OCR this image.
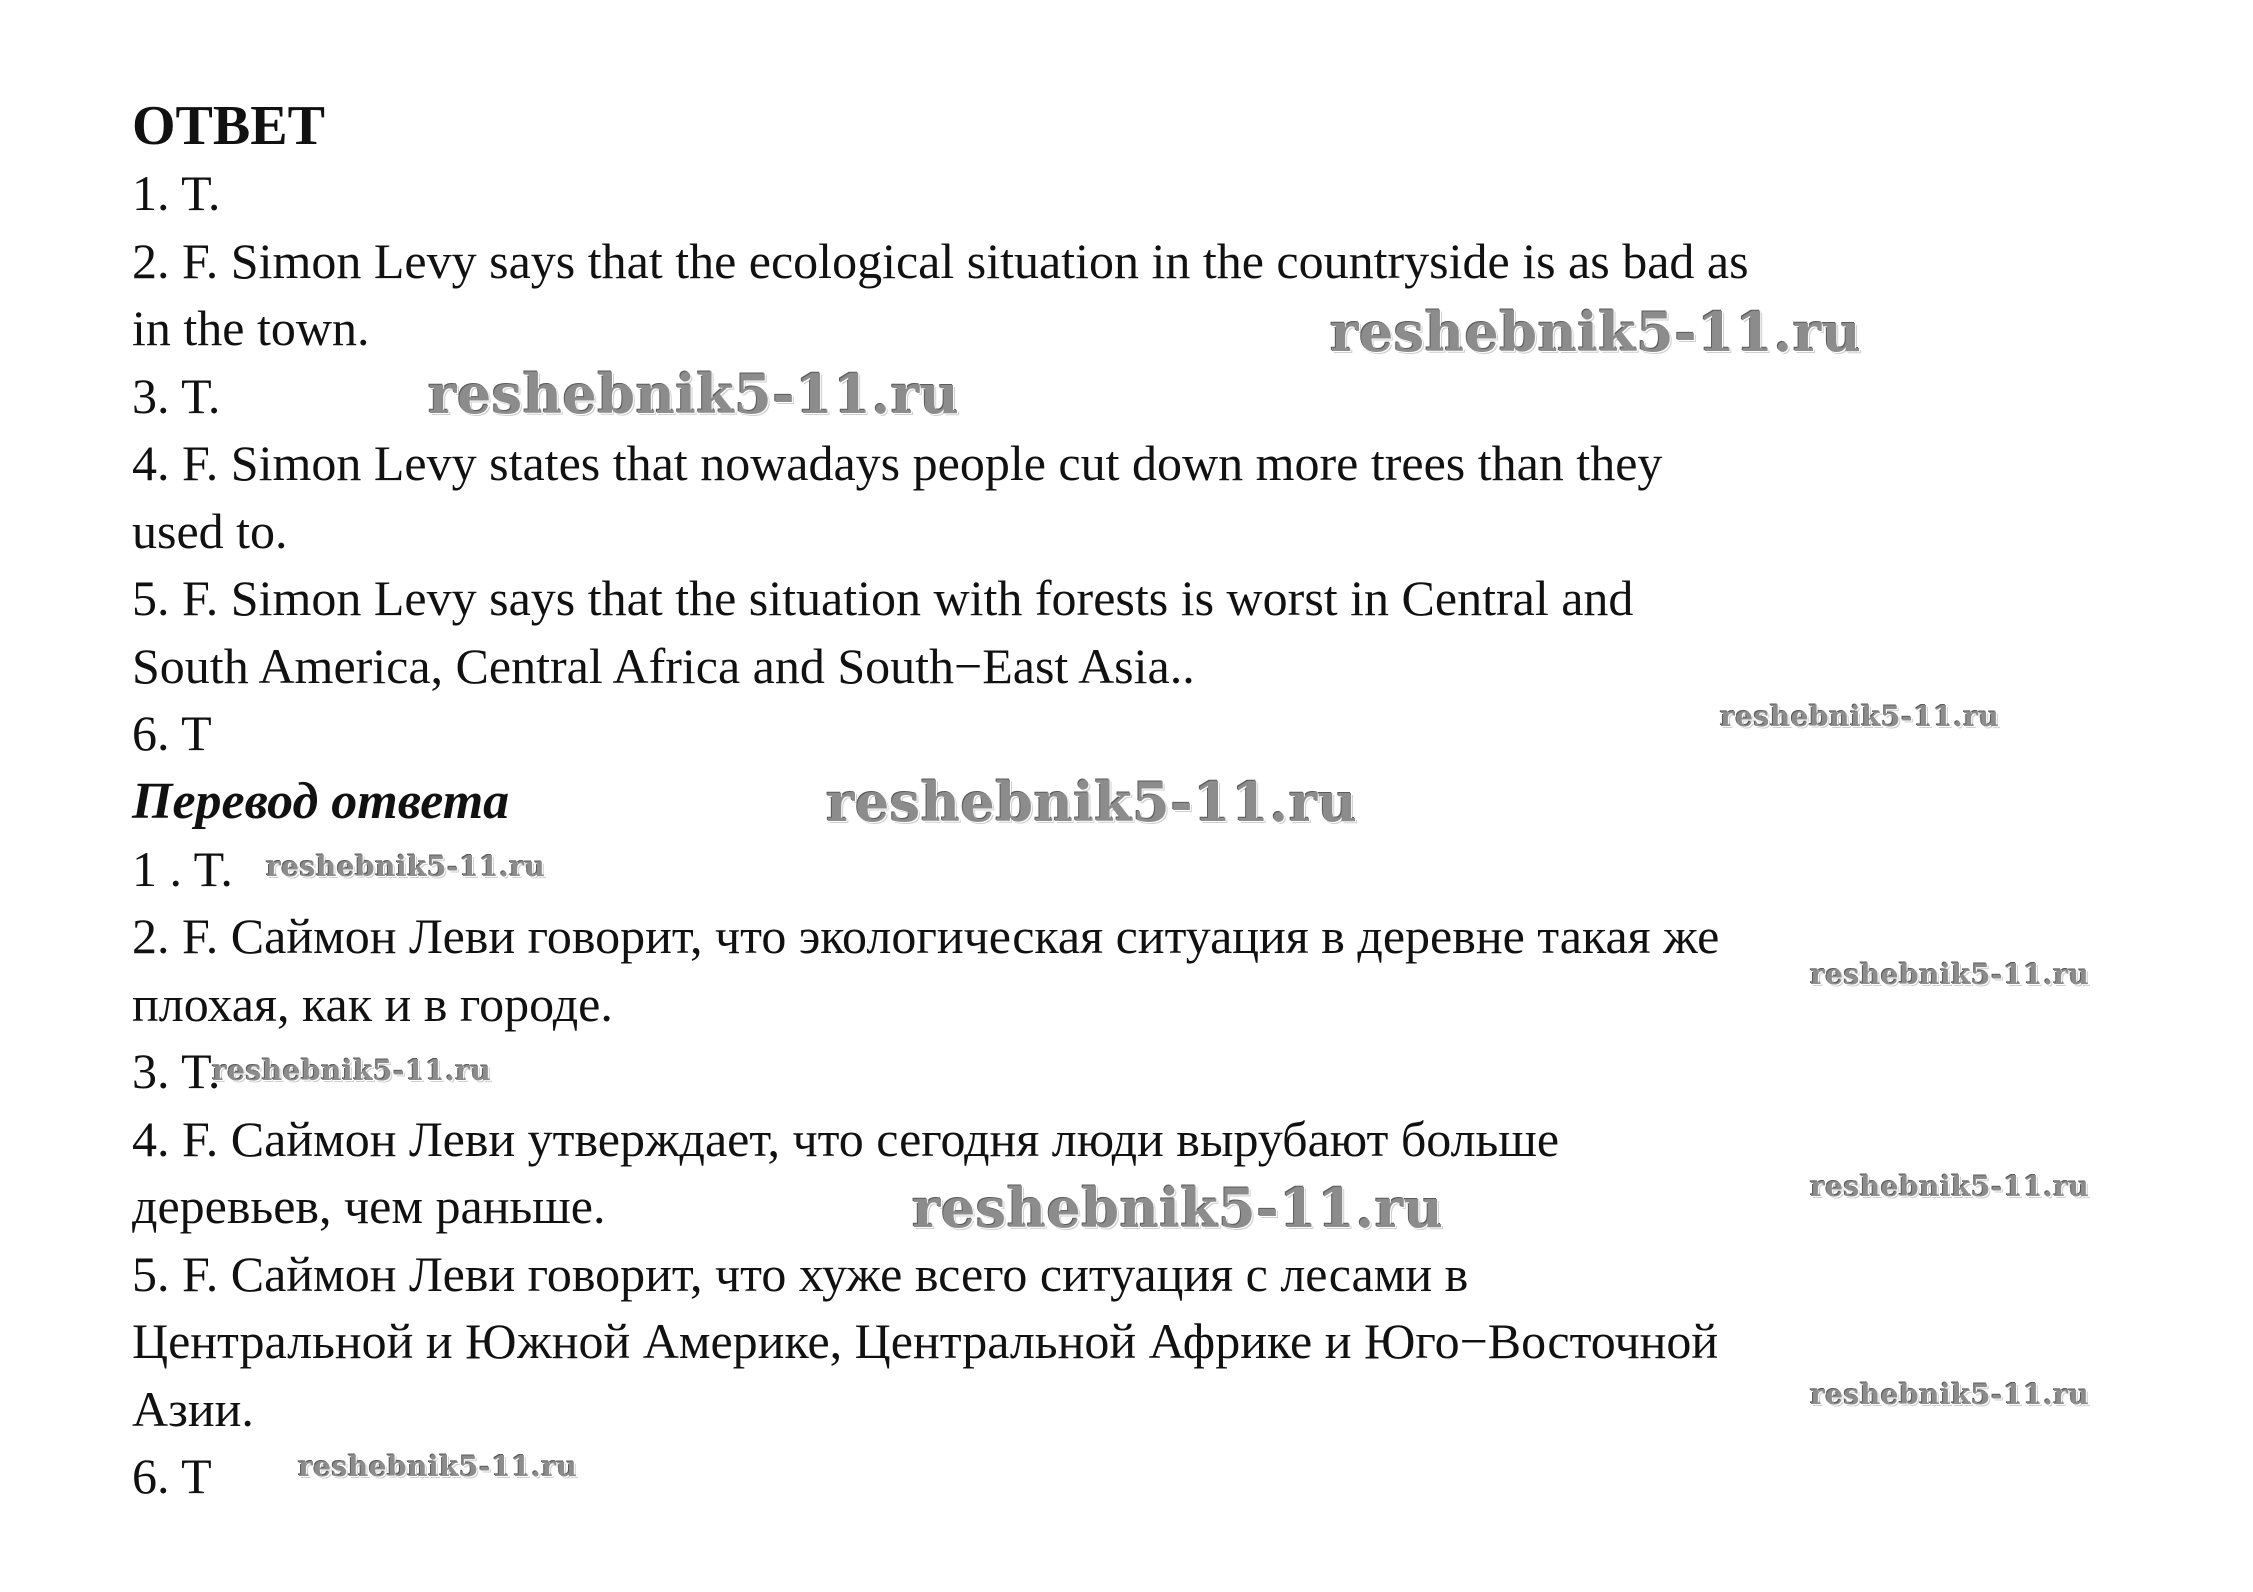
ОТВЕТ
1. T.
2. F. Simon Levy says that the ecological situation in the countryside is as bad as
in the town.
3. T.
4. F. Simon Levy states that nowadays people cut down more trees than they
used to.
5. F. Simon Levy says that the situation with forests is worst in Central and
South America, Central Africa and South−East Asia..
6. T
Перевод ответа
1 . T.
2. F. Саймон Леви говорит, что экологическая ситуация в деревне такая же
плохая, как и в городе.
3. T.
4. F. Саймон Леви утверждает, что сегодня люди вырубают больше
деревьев, чем раньше.
5. F. Саймон Леви говорит, что хуже всего ситуация с лесами в
Центральной и Южной Америке, Центральной Африке и Юго−Восточной
Азии.
6. T
reshebnik5-11.ru
reshebnik5-11.ru
reshebnik5-11.ru
reshebnik5-11.ru
reshebnik5-11.ru
reshebnik5-11.ru
reshebnik5-11.ru
reshebnik5-11.ru
reshebnik5-11.ru
reshebnik5-11.ru
reshebnik5-11.ru
